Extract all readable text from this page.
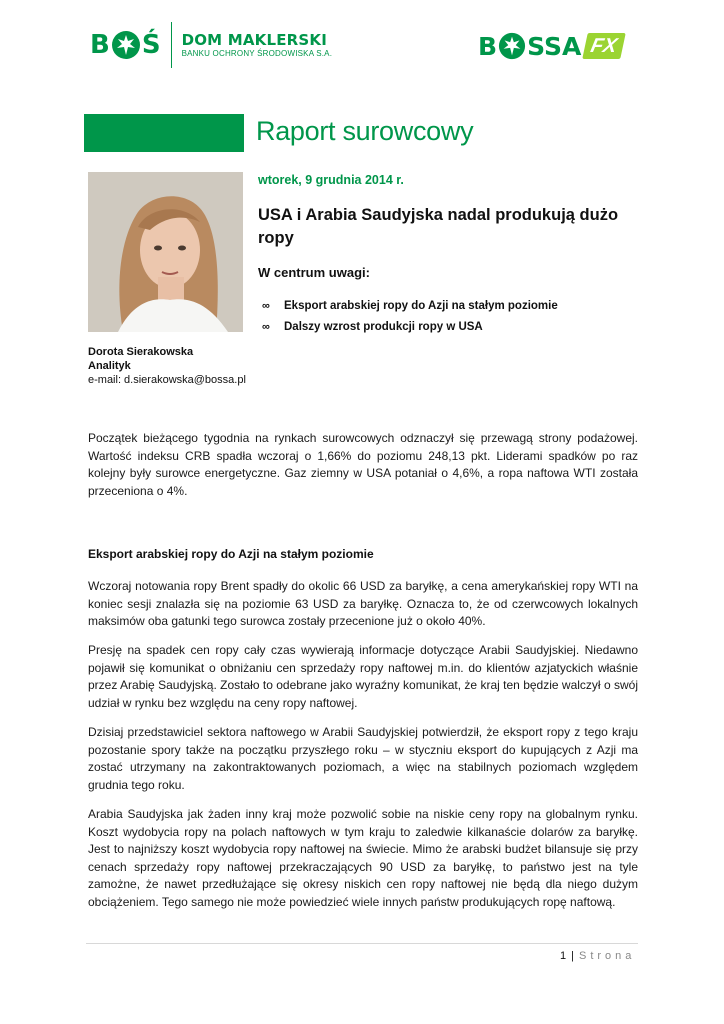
B Ś DOM MAKLERSKI
BANKU OCHRONY ŚRODOWISKA S.A.	B SSA FX
Raport surowcowy
wtorek, 9 grudnia 2014 r.
USA i Arabia Saudyjska nadal produkują dużo ropy
W centrum uwagi:
∞	Eksport arabskiej ropy do Azji na stałym poziomie
∞	Dalszy wzrost produkcji ropy w USA
Dorota Sierakowska
Analityk
e-mail: d.sierakowska@bossa.pl

Początek bieżącego tygodnia na rynkach surowcowych odznaczył się przewagą strony podażowej. Wartość indeksu CRB spadła wczoraj o 1,66% do poziomu 248,13 pkt. Liderami spadków po raz kolejny były surowce energetyczne. Gaz ziemny w USA potaniał o 4,6%, a ropa naftowa WTI została przeceniona o 4%.

Eksport arabskiej ropy do Azji na stałym poziomie

Wczoraj notowania ropy Brent spadły do okolic 66 USD za baryłkę, a cena amerykańskiej ropy WTI na koniec sesji znalazła się na poziomie 63 USD za baryłkę. Oznacza to, że od czerwcowych lokalnych maksimów oba gatunki tego surowca zostały przecenione już o około 40%.

Presję na spadek cen ropy cały czas wywierają informacje dotyczące Arabii Saudyjskiej. Niedawno pojawił się komunikat o obniżaniu cen sprzedaży ropy naftowej m.in. do klientów azjatyckich właśnie przez Arabię Saudyjską. Zostało to odebrane jako wyraźny komunikat, że kraj ten będzie walczył o swój udział w rynku bez względu na ceny ropy naftowej.

Dzisiaj przedstawiciel sektora naftowego w Arabii Saudyjskiej potwierdził, że eksport ropy z tego kraju pozostanie spory także na początku przyszłego roku – w styczniu eksport do kupujących z Azji ma zostać utrzymany na zakontraktowanych poziomach, a więc na stabilnych poziomach względem grudnia tego roku.

Arabia Saudyjska jak żaden inny kraj może pozwolić sobie na niskie ceny ropy na globalnym rynku. Koszt wydobycia ropy na polach naftowych w tym kraju to zaledwie kilkanaście dolarów za baryłkę. Jest to najniższy koszt wydobycia ropy naftowej na świecie. Mimo że arabski budżet bilansuje się przy cenach sprzedaży ropy naftowej przekraczających 90 USD za baryłkę, to państwo jest na tyle zamożne, że nawet przedłużające się okresy niskich cen ropy naftowej nie będą dla niego dużym obciążeniem. Tego samego nie może powiedzieć wiele innych państw produkujących ropę naftową.

1 | Strona
